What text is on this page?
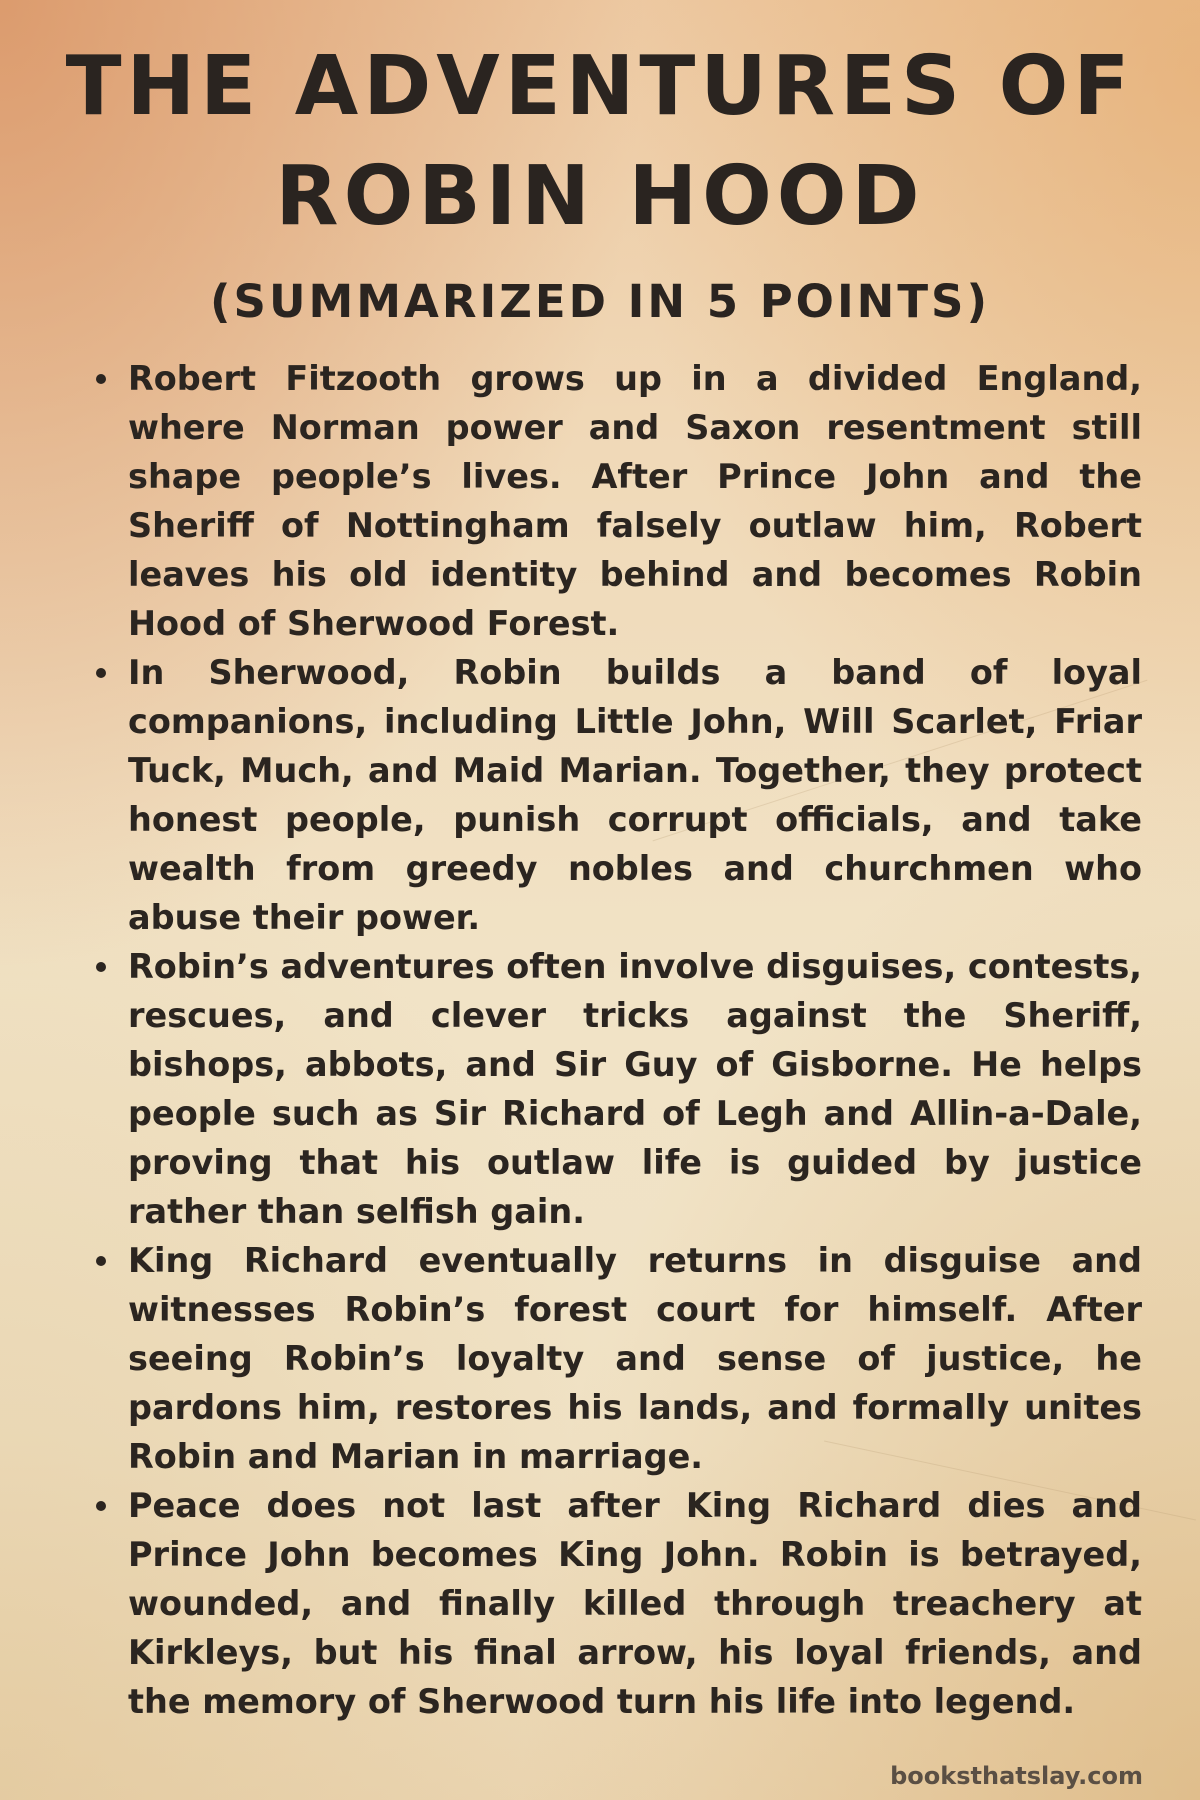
THE ADVENTURES OF
ROBIN HOOD
(SUMMARIZED IN 5 POINTS)
Robert Fitzooth grows up in a divided England, where Norman power and Saxon resentment still shape people’s lives. After Prince John and the Sheriff of Nottingham falsely outlaw him, Robert leaves his old identity behind and becomes Robin Hood of Sherwood Forest.
In Sherwood, Robin builds a band of loyal companions, including Little John, Will Scarlet, Friar Tuck, Much, and Maid Marian. Together, they protect honest people, punish corrupt officials, and take wealth from greedy nobles and churchmen who abuse their power.
Robin’s adventures often involve disguises, contests, rescues, and clever tricks against the Sheriff, bishops, abbots, and Sir Guy of Gisborne. He helps people such as Sir Richard of Legh and Allin-a-Dale, proving that his outlaw life is guided by justice rather than selfish gain.
King Richard eventually returns in disguise and witnesses Robin’s forest court for himself. After seeing Robin’s loyalty and sense of justice, he pardons him, restores his lands, and formally unites Robin and Marian in marriage.
Peace does not last after King Richard dies and Prince John becomes King John. Robin is betrayed, wounded, and finally killed through treachery at Kirkleys, but his final arrow, his loyal friends, and the memory of Sherwood turn his life into legend.
booksthatslay.com
